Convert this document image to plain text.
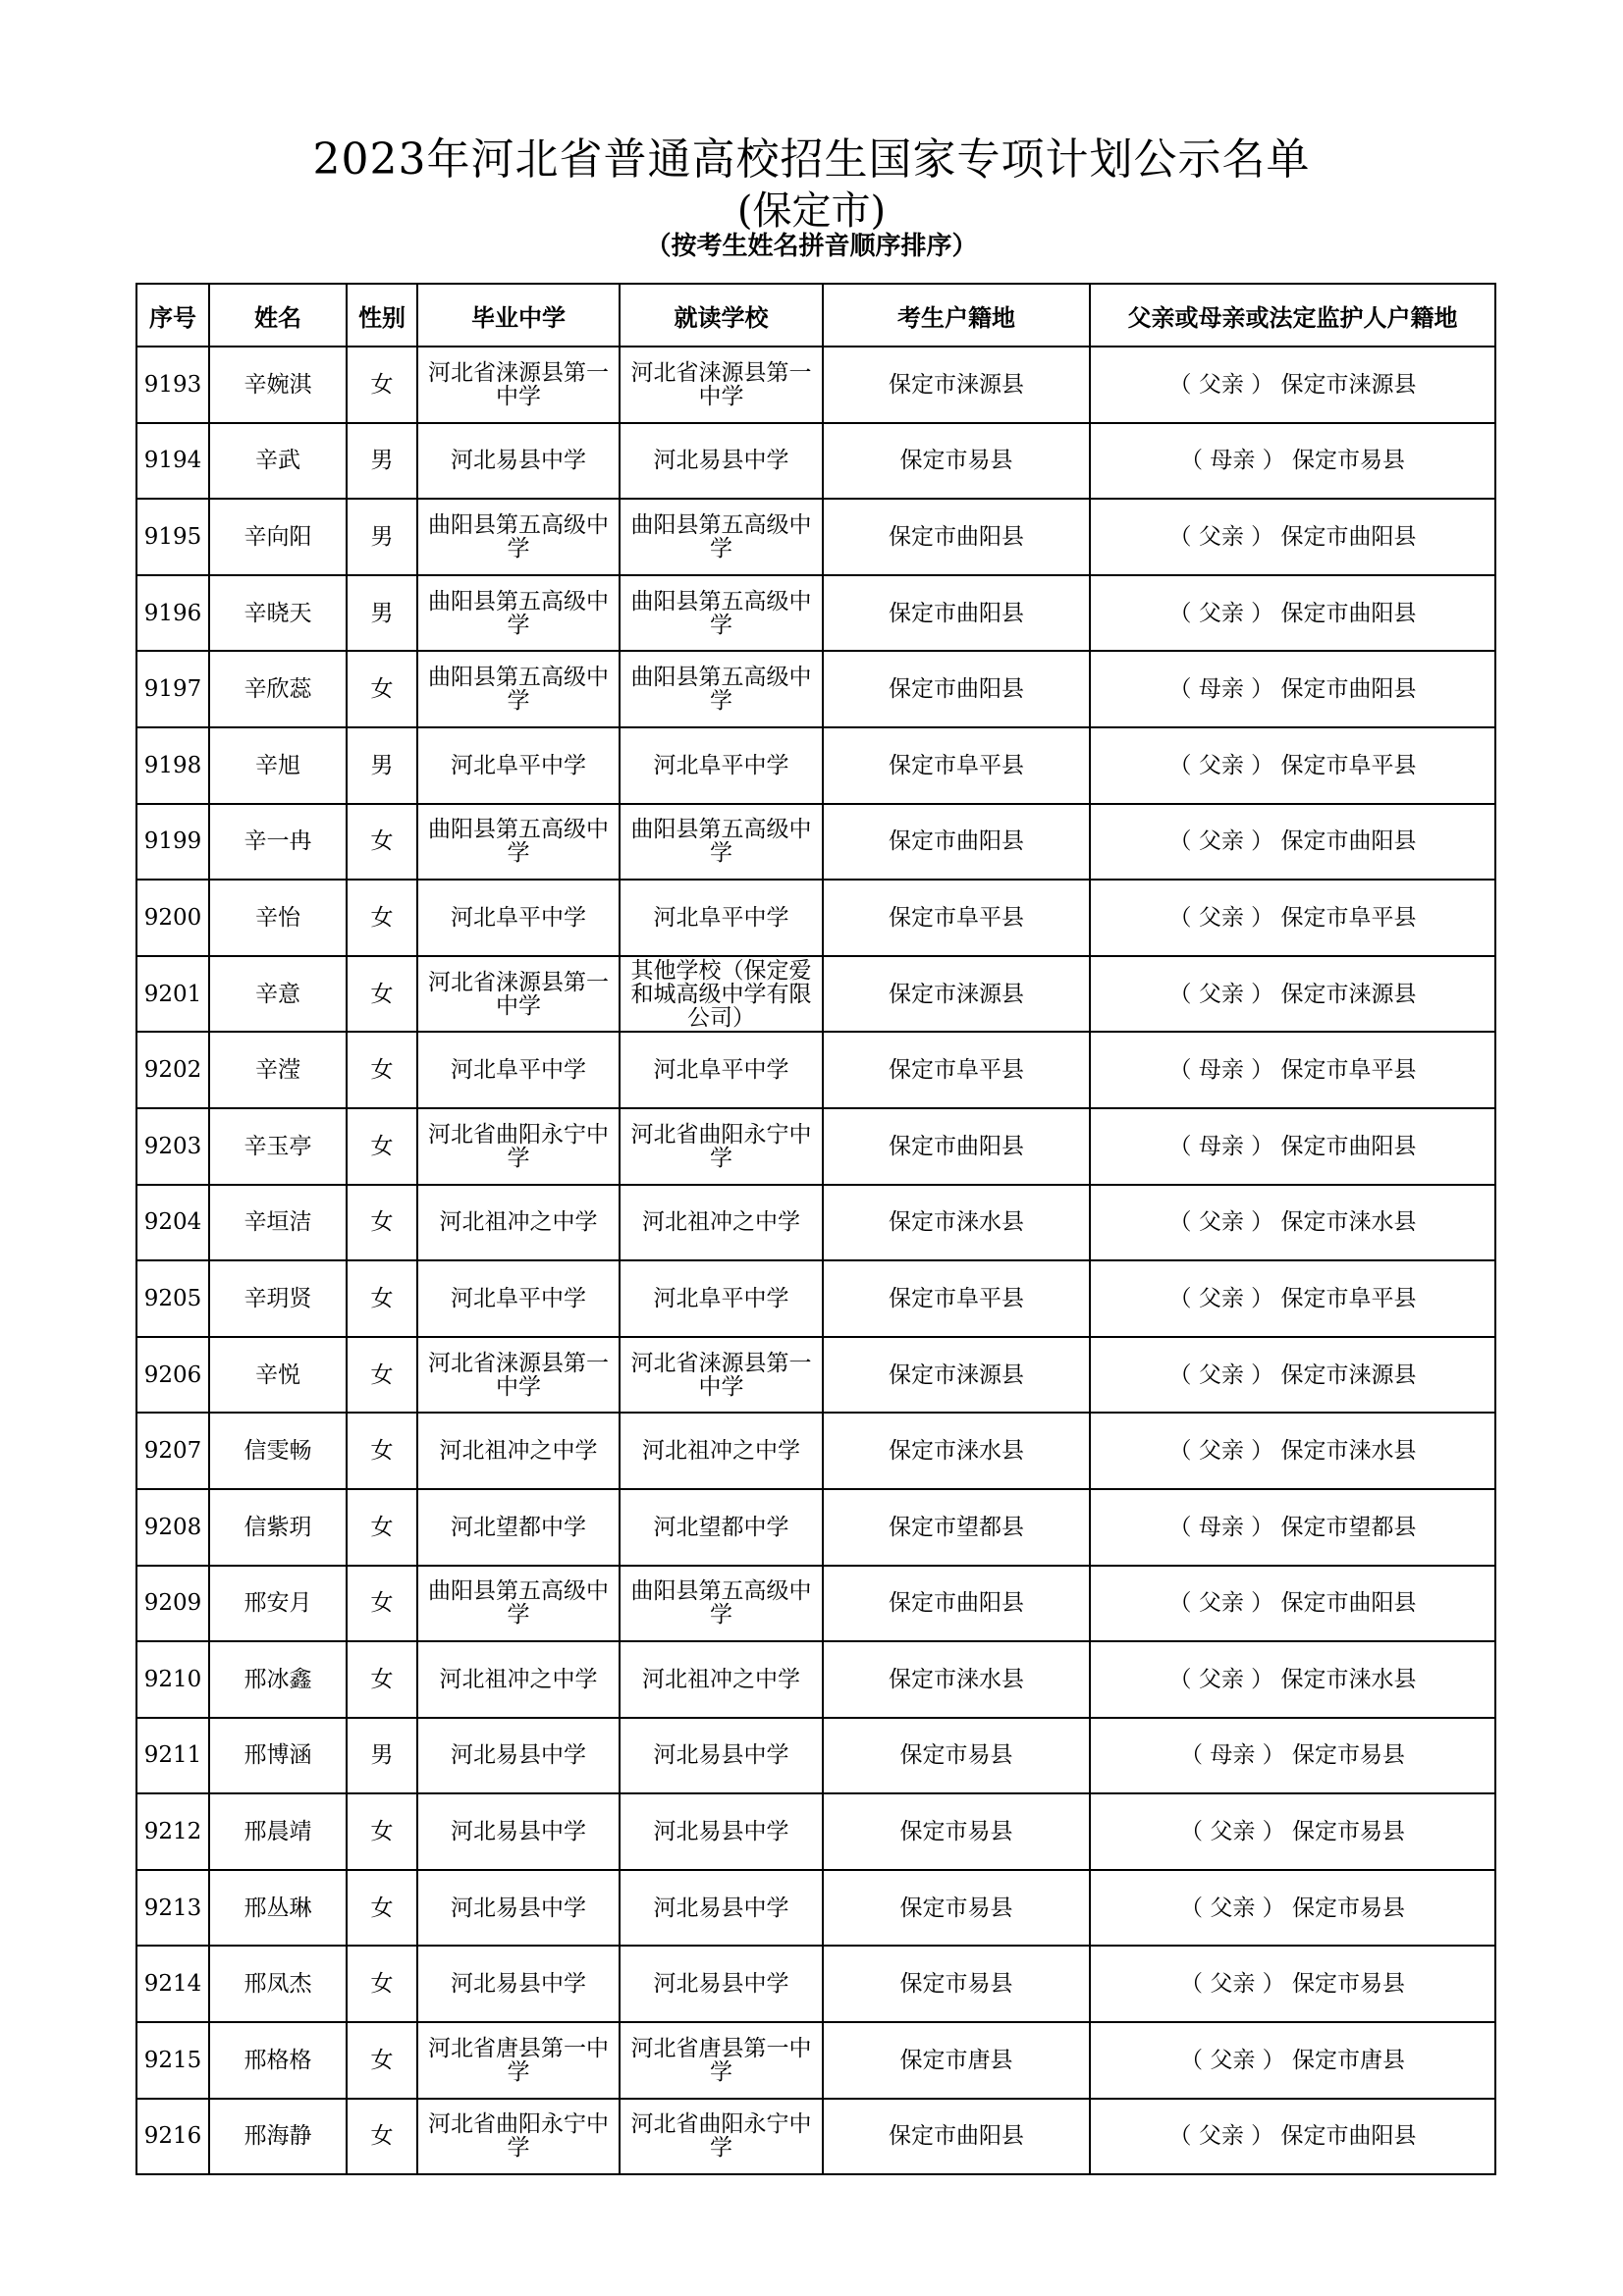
2023年河北省普通高校招生国家专项计划公示名单
(保定市)
（按考生姓名拼音顺序排序）
序号	姓名	性别	毕业中学	就读学校	考生户籍地	父亲或母亲或法定监护人户籍地
9193	辛婉淇	女	河北省涞源县第一中学	河北省涞源县第一中学	保定市涞源县	（ 父亲 ） 保定市涞源县
9194	辛武	男	河北易县中学	河北易县中学	保定市易县	（ 母亲 ） 保定市易县
9195	辛向阳	男	曲阳县第五高级中学	曲阳县第五高级中学	保定市曲阳县	（ 父亲 ） 保定市曲阳县
9196	辛晓天	男	曲阳县第五高级中学	曲阳县第五高级中学	保定市曲阳县	（ 父亲 ） 保定市曲阳县
9197	辛欣蕊	女	曲阳县第五高级中学	曲阳县第五高级中学	保定市曲阳县	（ 母亲 ） 保定市曲阳县
9198	辛旭	男	河北阜平中学	河北阜平中学	保定市阜平县	（ 父亲 ） 保定市阜平县
9199	辛一冉	女	曲阳县第五高级中学	曲阳县第五高级中学	保定市曲阳县	（ 父亲 ） 保定市曲阳县
9200	辛怡	女	河北阜平中学	河北阜平中学	保定市阜平县	（ 父亲 ） 保定市阜平县
9201	辛意	女	河北省涞源县第一中学	其他学校（保定爱和城高级中学有限公司）	保定市涞源县	（ 父亲 ） 保定市涞源县
9202	辛滢	女	河北阜平中学	河北阜平中学	保定市阜平县	（ 母亲 ） 保定市阜平县
9203	辛玉亭	女	河北省曲阳永宁中学	河北省曲阳永宁中学	保定市曲阳县	（ 母亲 ） 保定市曲阳县
9204	辛垣洁	女	河北祖冲之中学	河北祖冲之中学	保定市涞水县	（ 父亲 ） 保定市涞水县
9205	辛玥贤	女	河北阜平中学	河北阜平中学	保定市阜平县	（ 父亲 ） 保定市阜平县
9206	辛悦	女	河北省涞源县第一中学	河北省涞源县第一中学	保定市涞源县	（ 父亲 ） 保定市涞源县
9207	信雯畅	女	河北祖冲之中学	河北祖冲之中学	保定市涞水县	（ 父亲 ） 保定市涞水县
9208	信紫玥	女	河北望都中学	河北望都中学	保定市望都县	（ 母亲 ） 保定市望都县
9209	邢安月	女	曲阳县第五高级中学	曲阳县第五高级中学	保定市曲阳县	（ 父亲 ） 保定市曲阳县
9210	邢冰鑫	女	河北祖冲之中学	河北祖冲之中学	保定市涞水县	（ 父亲 ） 保定市涞水县
9211	邢博涵	男	河北易县中学	河北易县中学	保定市易县	（ 母亲 ） 保定市易县
9212	邢晨靖	女	河北易县中学	河北易县中学	保定市易县	（ 父亲 ） 保定市易县
9213	邢丛琳	女	河北易县中学	河北易县中学	保定市易县	（ 父亲 ） 保定市易县
9214	邢凤杰	女	河北易县中学	河北易县中学	保定市易县	（ 父亲 ） 保定市易县
9215	邢格格	女	河北省唐县第一中学	河北省唐县第一中学	保定市唐县	（ 父亲 ） 保定市唐县
9216	邢海静	女	河北省曲阳永宁中学	河北省曲阳永宁中学	保定市曲阳县	（ 父亲 ） 保定市曲阳县
